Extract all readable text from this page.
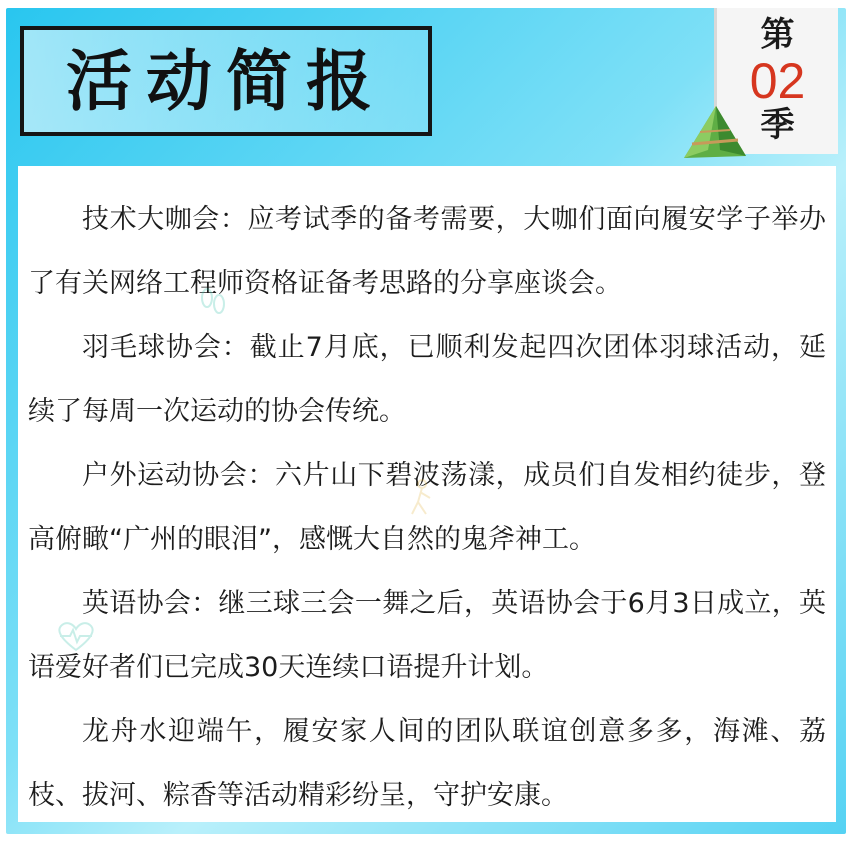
活动简报
第
02
季

技术大咖会：应考试季的备考需要，大咖们面向履安学子举办了有关网络工程师资格证备考思路的分享座谈会。

羽毛球协会：截止7月底，已顺利发起四次团体羽球活动，延续了每周一次运动的协会传统。

户外运动协会：六片山下碧波荡漾，成员们自发相约徒步，登高俯瞰“广州的眼泪”，感慨大自然的鬼斧神工。

英语协会：继三球三会一舞之后，英语协会于6月3日成立，英语爱好者们已完成30天连续口语提升计划。

龙舟水迎端午，履安家人间的团队联谊创意多多，海滩、荔枝、拔河、粽香等活动精彩纷呈，守护安康。
